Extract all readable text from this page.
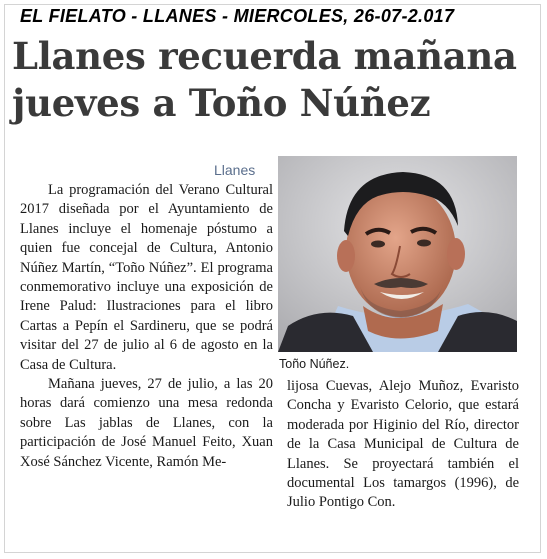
EL FIELATO - LLANES - MIERCOLES, 26-07-2.017
Llanes recuerda mañana
jueves a Toño Núñez
Llanes

La programación del Verano Cultural 2017 diseñada por el Ayuntamiento de Llanes incluye el homenaje póstumo a quien fue concejal de Cultura, Antonio Núñez Martín, “Toño Núñez”. El programa conmemorativo incluye una exposición de Irene Palud: Ilustraciones para el libro Cartas a Pepín el Sardineru, que se podrá visitar del 27 de julio al 6 de agosto en la Casa de Cultura.

Mañana jueves, 27 de julio, a las 20 horas dará comienzo una mesa redonda sobre Las jablas de Llanes, con la participación de José Manuel Feito, Xuan Xosé Sánchez Vicente, Ramón Me-

Toño Núñez.

lijosa Cuevas, Alejo Muñoz, Evaristo Concha y Evaristo Celorio, que estará moderada por Higinio del Río, director de la Casa Municipal de Cultura de Llanes. Se proyectará también el documental Los tamargos (1996), de Julio Pontigo Con.
